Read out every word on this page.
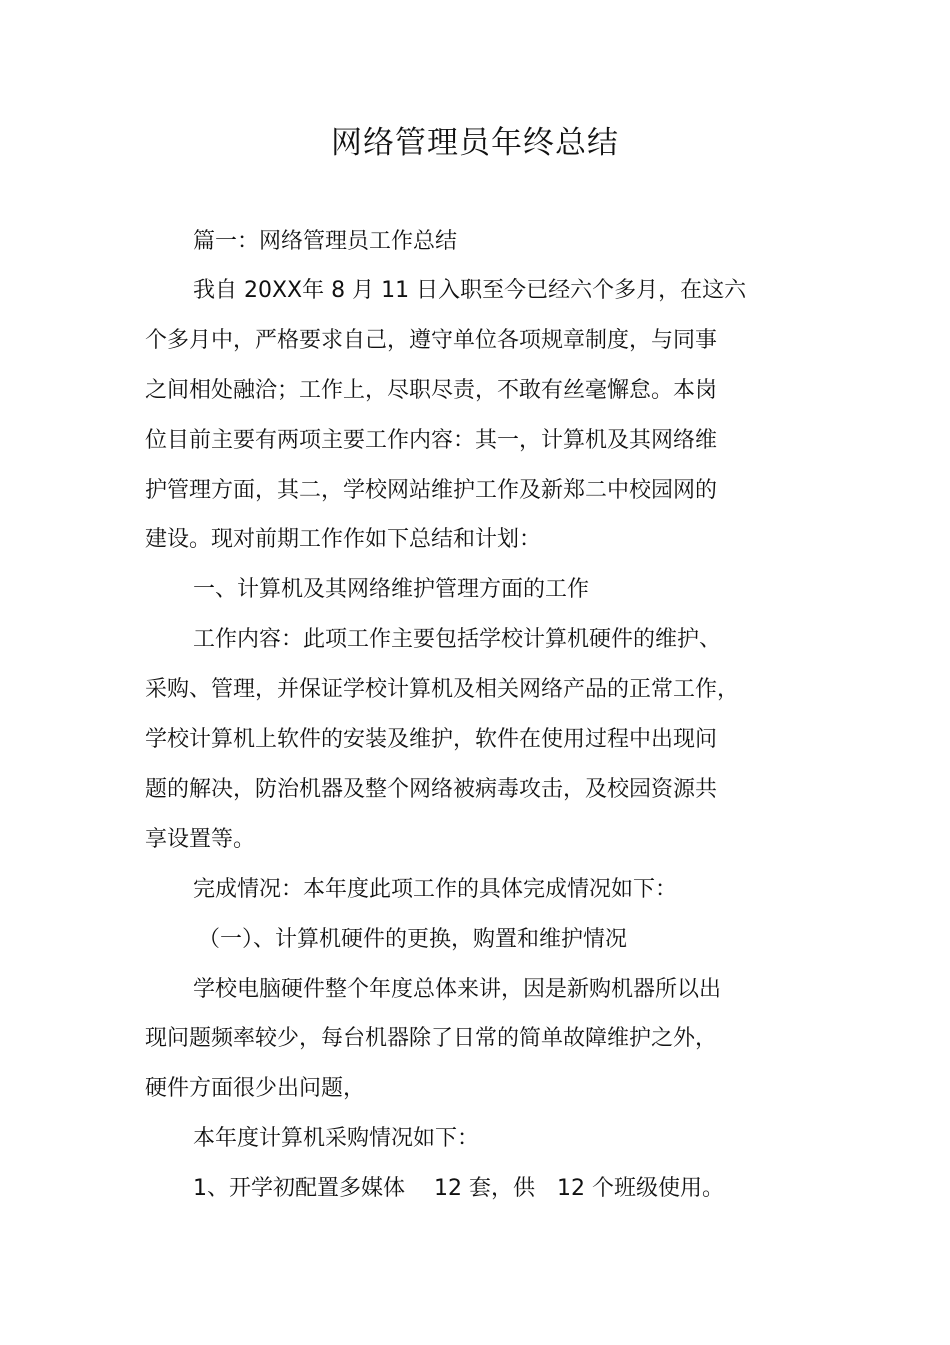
网络管理员年终总结
篇一：网络管理员工作总结
我自 20XX年 8 月 11 日入职至今已经六个多月，在这六
个多月中，严格要求自己，遵守单位各项规章制度，与同事
之间相处融洽；工作上，尽职尽责，不敢有丝毫懈怠。本岗
位目前主要有两项主要工作内容：其一，计算机及其网络维
护管理方面，其二，学校网站维护工作及新郑二中校园网的
建设。现对前期工作作如下总结和计划：
一、计算机及其网络维护管理方面的工作
工作内容：此项工作主要包括学校计算机硬件的维护、
采购、管理，并保证学校计算机及相关网络产品的正常工作，
学校计算机上软件的安装及维护，软件在使用过程中出现问
题的解决，防治机器及整个网络被病毒攻击，及校园资源共
享设置等。
完成情况：本年度此项工作的具体完成情况如下：
（一）、计算机硬件的更换，购置和维护情况
学校电脑硬件整个年度总体来讲，因是新购机器所以出
现问题频率较少，每台机器除了日常的简单故障维护之外，
硬件方面很少出问题，
本年度计算机采购情况如下：
1、开学初配置多媒体　 12 套，供　12 个班级使用。
